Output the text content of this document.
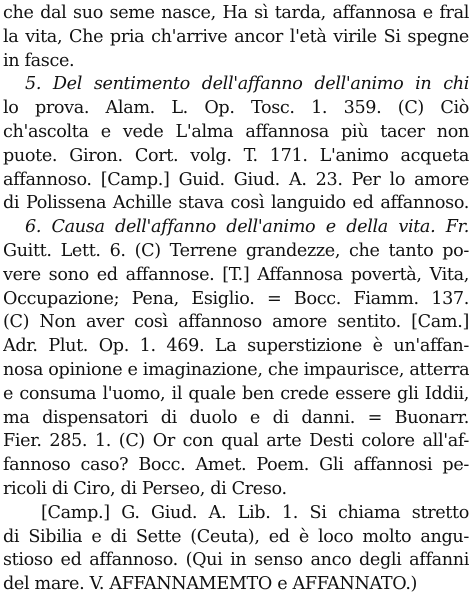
che dal suo seme nasce, Ha sì tarda, affannosa e fral
la vita, Che pria ch'arrive ancor l'età virile Si spegne
in fasce.
5. Del sentimento dell'affanno dell'animo in chi
lo prova. Alam. L. Op. Tosc. 1. 359. (C) Ciò
ch'ascolta e vede L'alma affannosa più tacer non
puote. Giron. Cort. volg. T. 171. L'animo acqueta
affannoso. [Camp.] Guid. Giud. A. 23. Per lo amore
di Polissena Achille stava così languido ed affannoso.
6. Causa dell'affanno dell'animo e della vita. Fr.
Guitt. Lett. 6. (C) Terrene grandezze, che tanto po-
vere sono ed affannose. [T.] Affannosa povertà, Vita,
Occupazione; Pena, Esiglio. = Bocc. Fiamm. 137.
(C) Non aver così affannoso amore sentito. [Cam.]
Adr. Plut. Op. 1. 469. La superstizione è un'affan-
nosa opinione e imaginazione, che impaurisce, atterra
e consuma l'uomo, il quale ben crede essere gli Iddii,
ma dispensatori di duolo e di danni. = Buonarr.
Fier. 285. 1. (C) Or con qual arte Desti colore all'af-
fannoso caso? Bocc. Amet. Poem. Gli affannosi pe-
ricoli di Ciro, di Perseo, di Creso.
[Camp.] G. Giud. A. Lib. 1. Si chiama stretto
di Sibilia e di Sette (Ceuta), ed è loco molto angu-
stioso ed affannoso. (Qui in senso anco degli affanni
del mare. V. AFFANNAMEMTO e AFFANNATO.)
